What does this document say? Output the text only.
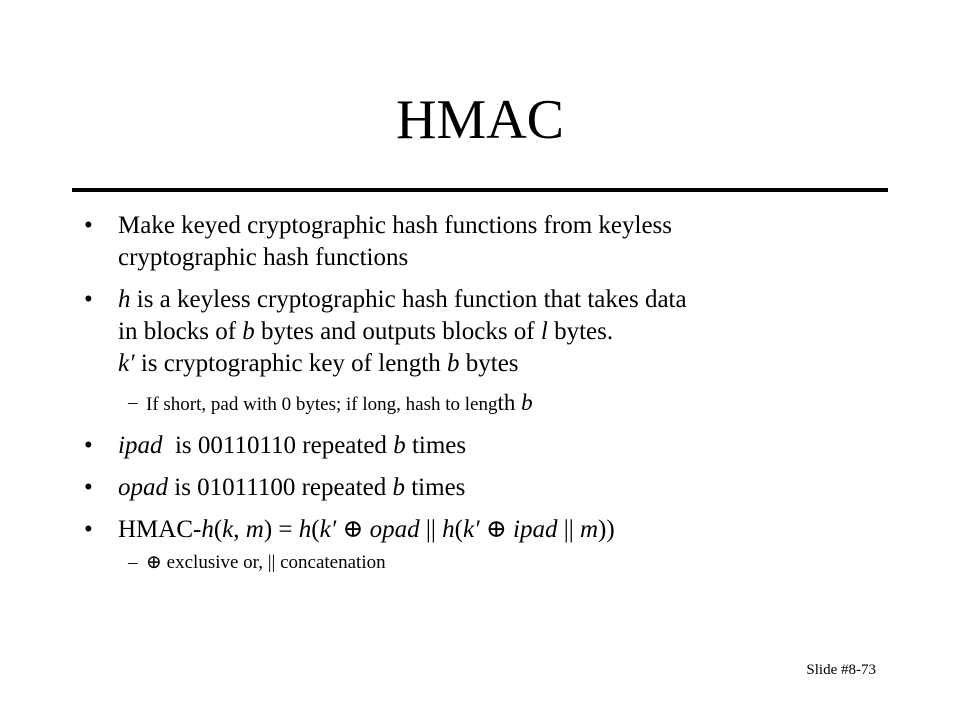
HMAC
• Make keyed cryptographic hash functions from keyless
cryptographic hash functions
• h is a keyless cryptographic hash function that takes data
in blocks of b bytes and outputs blocks of l bytes.
k′ is cryptographic key of length b bytes
– If short, pad with 0 bytes; if long, hash to length b
• ipad  is 00110110 repeated b times
• opad is 01011100 repeated b times
• HMAC-h(k, m) = h(k′ ⊕ opad || h(k′ ⊕ ipad || m))
– ⊕ exclusive or, || concatenation
Slide #8-73
